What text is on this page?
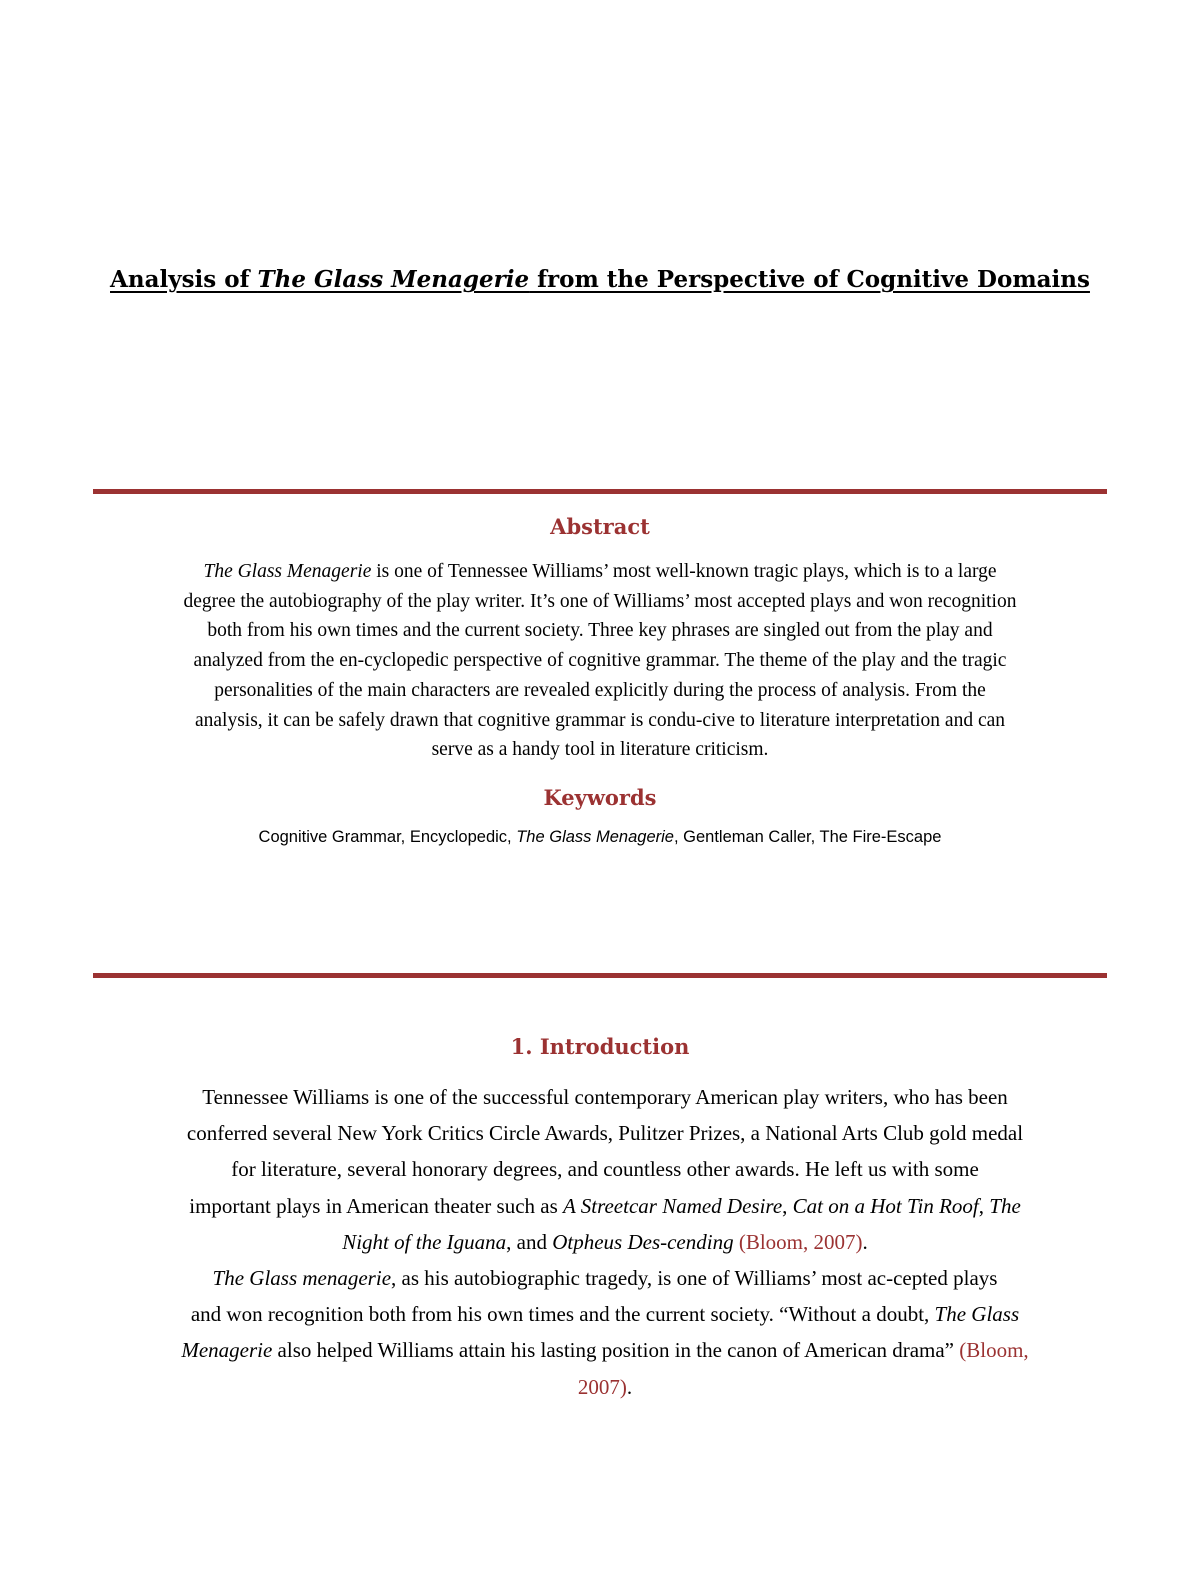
Analysis of The Glass Menagerie from the Perspective of Cognitive Domains
Abstract
The Glass Menagerie is one of Tennessee Williams’ most well-known tragic plays, which is to a large
degree the autobiography of the play writer. It’s one of Williams’ most accepted plays and won recognition
both from his own times and the current society. Three key phrases are singled out from the play and
analyzed from the en-cyclopedic perspective of cognitive grammar. The theme of the play and the tragic
personalities of the main characters are revealed explicitly during the process of analysis. From the
analysis, it can be safely drawn that cognitive grammar is condu-cive to literature interpretation and can
serve as a handy tool in literature criticism.
Keywords
Cognitive Grammar, Encyclopedic, The Glass Menagerie, Gentleman Caller, The Fire-Escape
1. Introduction
Tennessee Williams is one of the successful contemporary American play writers, who has been
conferred several New York Critics Circle Awards, Pulitzer Prizes, a National Arts Club gold medal
for literature, several honorary degrees, and countless other awards. He left us with some
important plays in American theater such as A Streetcar Named Desire, Cat on a Hot Tin Roof, The
Night of the Iguana, and Otpheus Des-cending (Bloom, 2007).
The Glass menagerie, as his autobiographic tragedy, is one of Williams’ most ac-cepted plays
and won recognition both from his own times and the current society. “Without a doubt, The Glass
Menagerie also helped Williams attain his lasting position in the canon of American drama” (Bloom,
2007).
